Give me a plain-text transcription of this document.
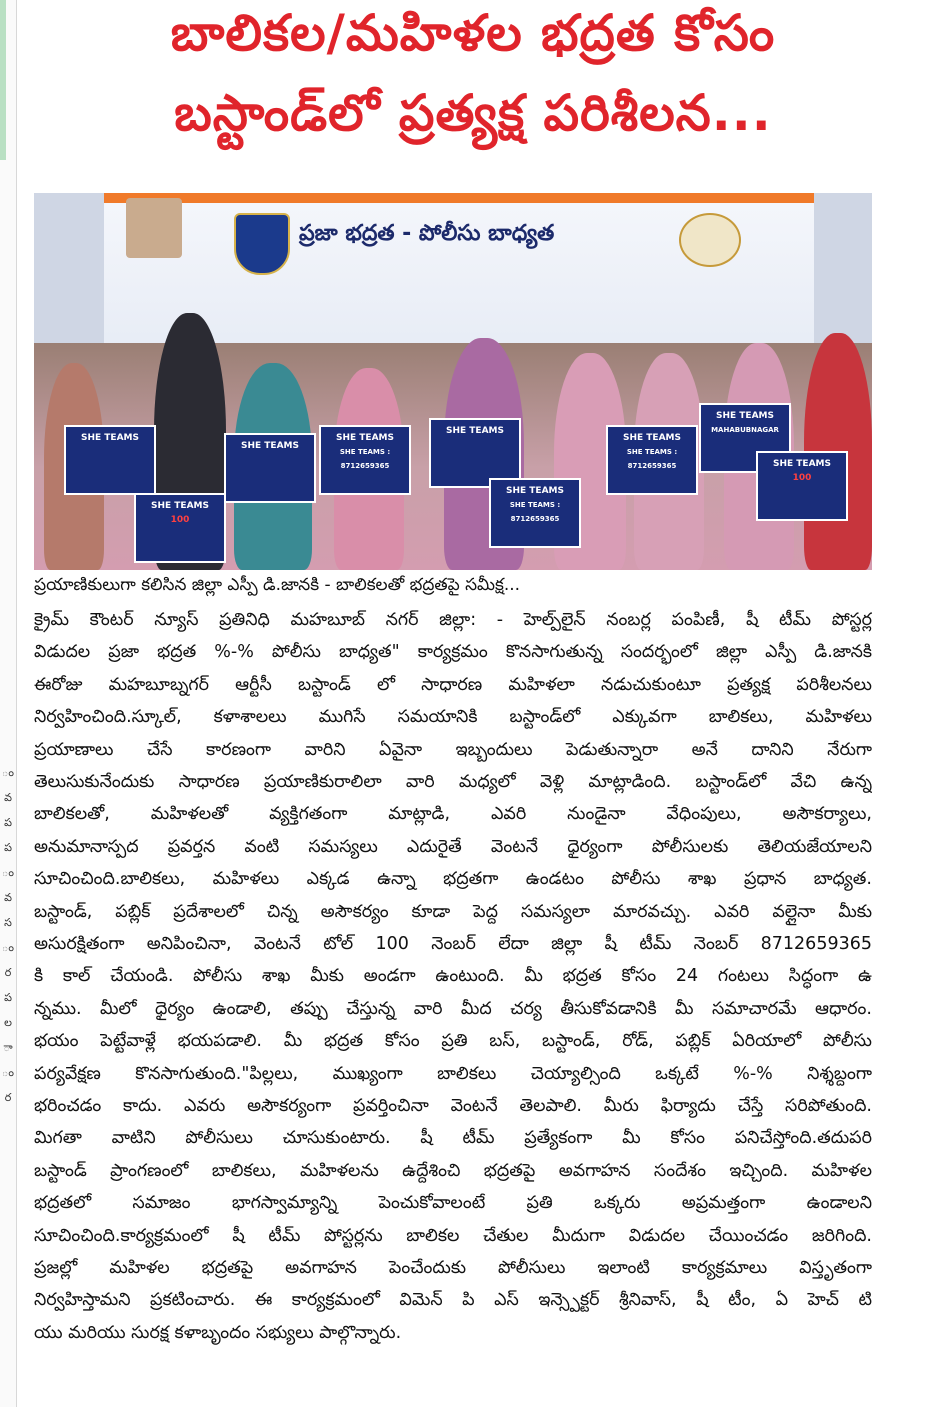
ం
వ
ప
ప
ం
వ
స
ం
ర
ప
ల
ా
ం
ర
బాలికల/మహిళల భద్రత కోసం
బస్టాండ్‌లో ప్రత్యక్ష పరిశీలన...
ప్రజా భద్రత - పోలీసు బాధ్యత
SHE TEAMS
SHE TEAMS
100
SHE TEAMS
SHE TEAMS
SHE TEAMS : 8712659365
SHE TEAMS
SHE TEAMS
SHE TEAMS : 8712659365
SHE TEAMS
SHE TEAMS : 8712659365
SHE TEAMS
MAHABUBNAGAR
SHE TEAMS
100
ప్రయాణికులుగా కలిసిన జిల్లా ఎస్పీ డి.జానకి - బాలికలతో భద్రతపై సమీక్ష...
క్రైమ్ కౌంటర్ న్యూస్ ప్రతినిధి మహబూబ్ నగర్ జిల్లా: - హెల్ప్‌లైన్ నంబర్ల పంపిణీ, షీ టీమ్ పోస్టర్ల
విడుదల ప్రజా భద్రత %-% పోలీసు బాధ్యత" కార్యక్రమం కొనసాగుతున్న సందర్భంలో జిల్లా ఎస్పీ డి.జానకి
ఈరోజు మహబూబ్నగర్ ఆర్టీసీ బస్టాండ్ లో సాధారణ మహిళలా నడుచుకుంటూ ప్రత్యక్ష పరిశీలనలు
నిర్వహించింది.స్కూల్, కళాశాలలు ముగిసే సమయానికి బస్టాండ్‌లో ఎక్కువగా బాలికలు, మహిళలు
ప్రయాణాలు చేసే కారణంగా వారిని ఏవైనా ఇబ్బందులు పెడుతున్నారా అనే దానిని నేరుగా
తెలుసుకునేందుకు సాధారణ ప్రయాణికురాలిలా వారి మధ్యలో వెళ్లి మాట్లాడింది. బస్టాండ్‌లో వేచి ఉన్న
బాలికలతో, మహిళలతో వ్యక్తిగతంగా మాట్లాడి, ఎవరి నుండైనా వేధింపులు, అసౌకర్యాలు,
అనుమానాస్పద ప్రవర్తన వంటి సమస్యలు ఎదురైతే వెంటనే ధైర్యంగా పోలీసులకు తెలియజేయాలని
సూచించింది.బాలికలు, మహిళలు ఎక్కడ ఉన్నా భద్రతగా ఉండటం పోలీసు శాఖ ప్రధాన బాధ్యత.
బస్టాండ్, పబ్లిక్ ప్రదేశాలలో చిన్న అసౌకర్యం కూడా పెద్ద సమస్యలా మారవచ్చు. ఎవరి వల్లైనా మీకు
అసురక్షితంగా అనిపించినా, వెంటనే టోల్ 100 నెంబర్ లేదా జిల్లా షీ టీమ్ నెంబర్ 8712659365
కి కాల్ చేయండి. పోలీసు శాఖ మీకు అండగా ఉంటుంది. మీ భద్రత కోసం 24 గంటలు సిద్ధంగా ఉ
న్నము. మీలో ధైర్యం ఉండాలి, తప్పు చేస్తున్న వారి మీద చర్య తీసుకోవడానికి మీ సమాచారమే ఆధారం.
భయం పెట్టేవాళ్లే భయపడాలి. మీ భద్రత కోసం ప్రతి బస్, బస్టాండ్, రోడ్, పబ్లిక్ ఏరియాలో పోలీసు
పర్యవేక్షణ కొనసాగుతుంది."పిల్లలు, ముఖ్యంగా బాలికలు చెయ్యాల్సింది ఒక్కటే %-% నిశ్శబ్దంగా
భరించడం కాదు. ఎవరు అసౌకర్యంగా ప్రవర్తించినా వెంటనే తెలపాలి. మీరు ఫిర్యాదు చేస్తే సరిపోతుంది.
మిగతా వాటిని పోలీసులు చూసుకుంటారు. షీ టీమ్ ప్రత్యేకంగా మీ కోసం పనిచేస్తోంది.తదుపరి
బస్టాండ్ ప్రాంగణంలో బాలికలు, మహిళలను ఉద్దేశించి భద్రతపై అవగాహన సందేశం ఇచ్చింది. మహిళల
భద్రతలో సమాజం భాగస్వామ్యాన్ని పెంచుకోవాలంటే ప్రతి ఒక్కరు అప్రమత్తంగా ఉండాలని
సూచించింది.కార్యక్రమంలో షీ టీమ్ పోస్టర్లను బాలికల చేతుల మీదుగా విడుదల చేయించడం జరిగింది.
ప్రజల్లో మహిళల భద్రతపై అవగాహన పెంచేందుకు పోలీసులు ఇలాంటి కార్యక్రమాలు విస్తృతంగా
నిర్వహిస్తామని ప్రకటించారు. ఈ కార్యక్రమంలో విమెన్ పి ఎస్ ఇన్స్పెక్టర్ శ్రీనివాస్, షీ టీం, ఏ హెచ్ టి
యు మరియు సురక్ష కళాబృందం సభ్యులు పాల్గొన్నారు.
